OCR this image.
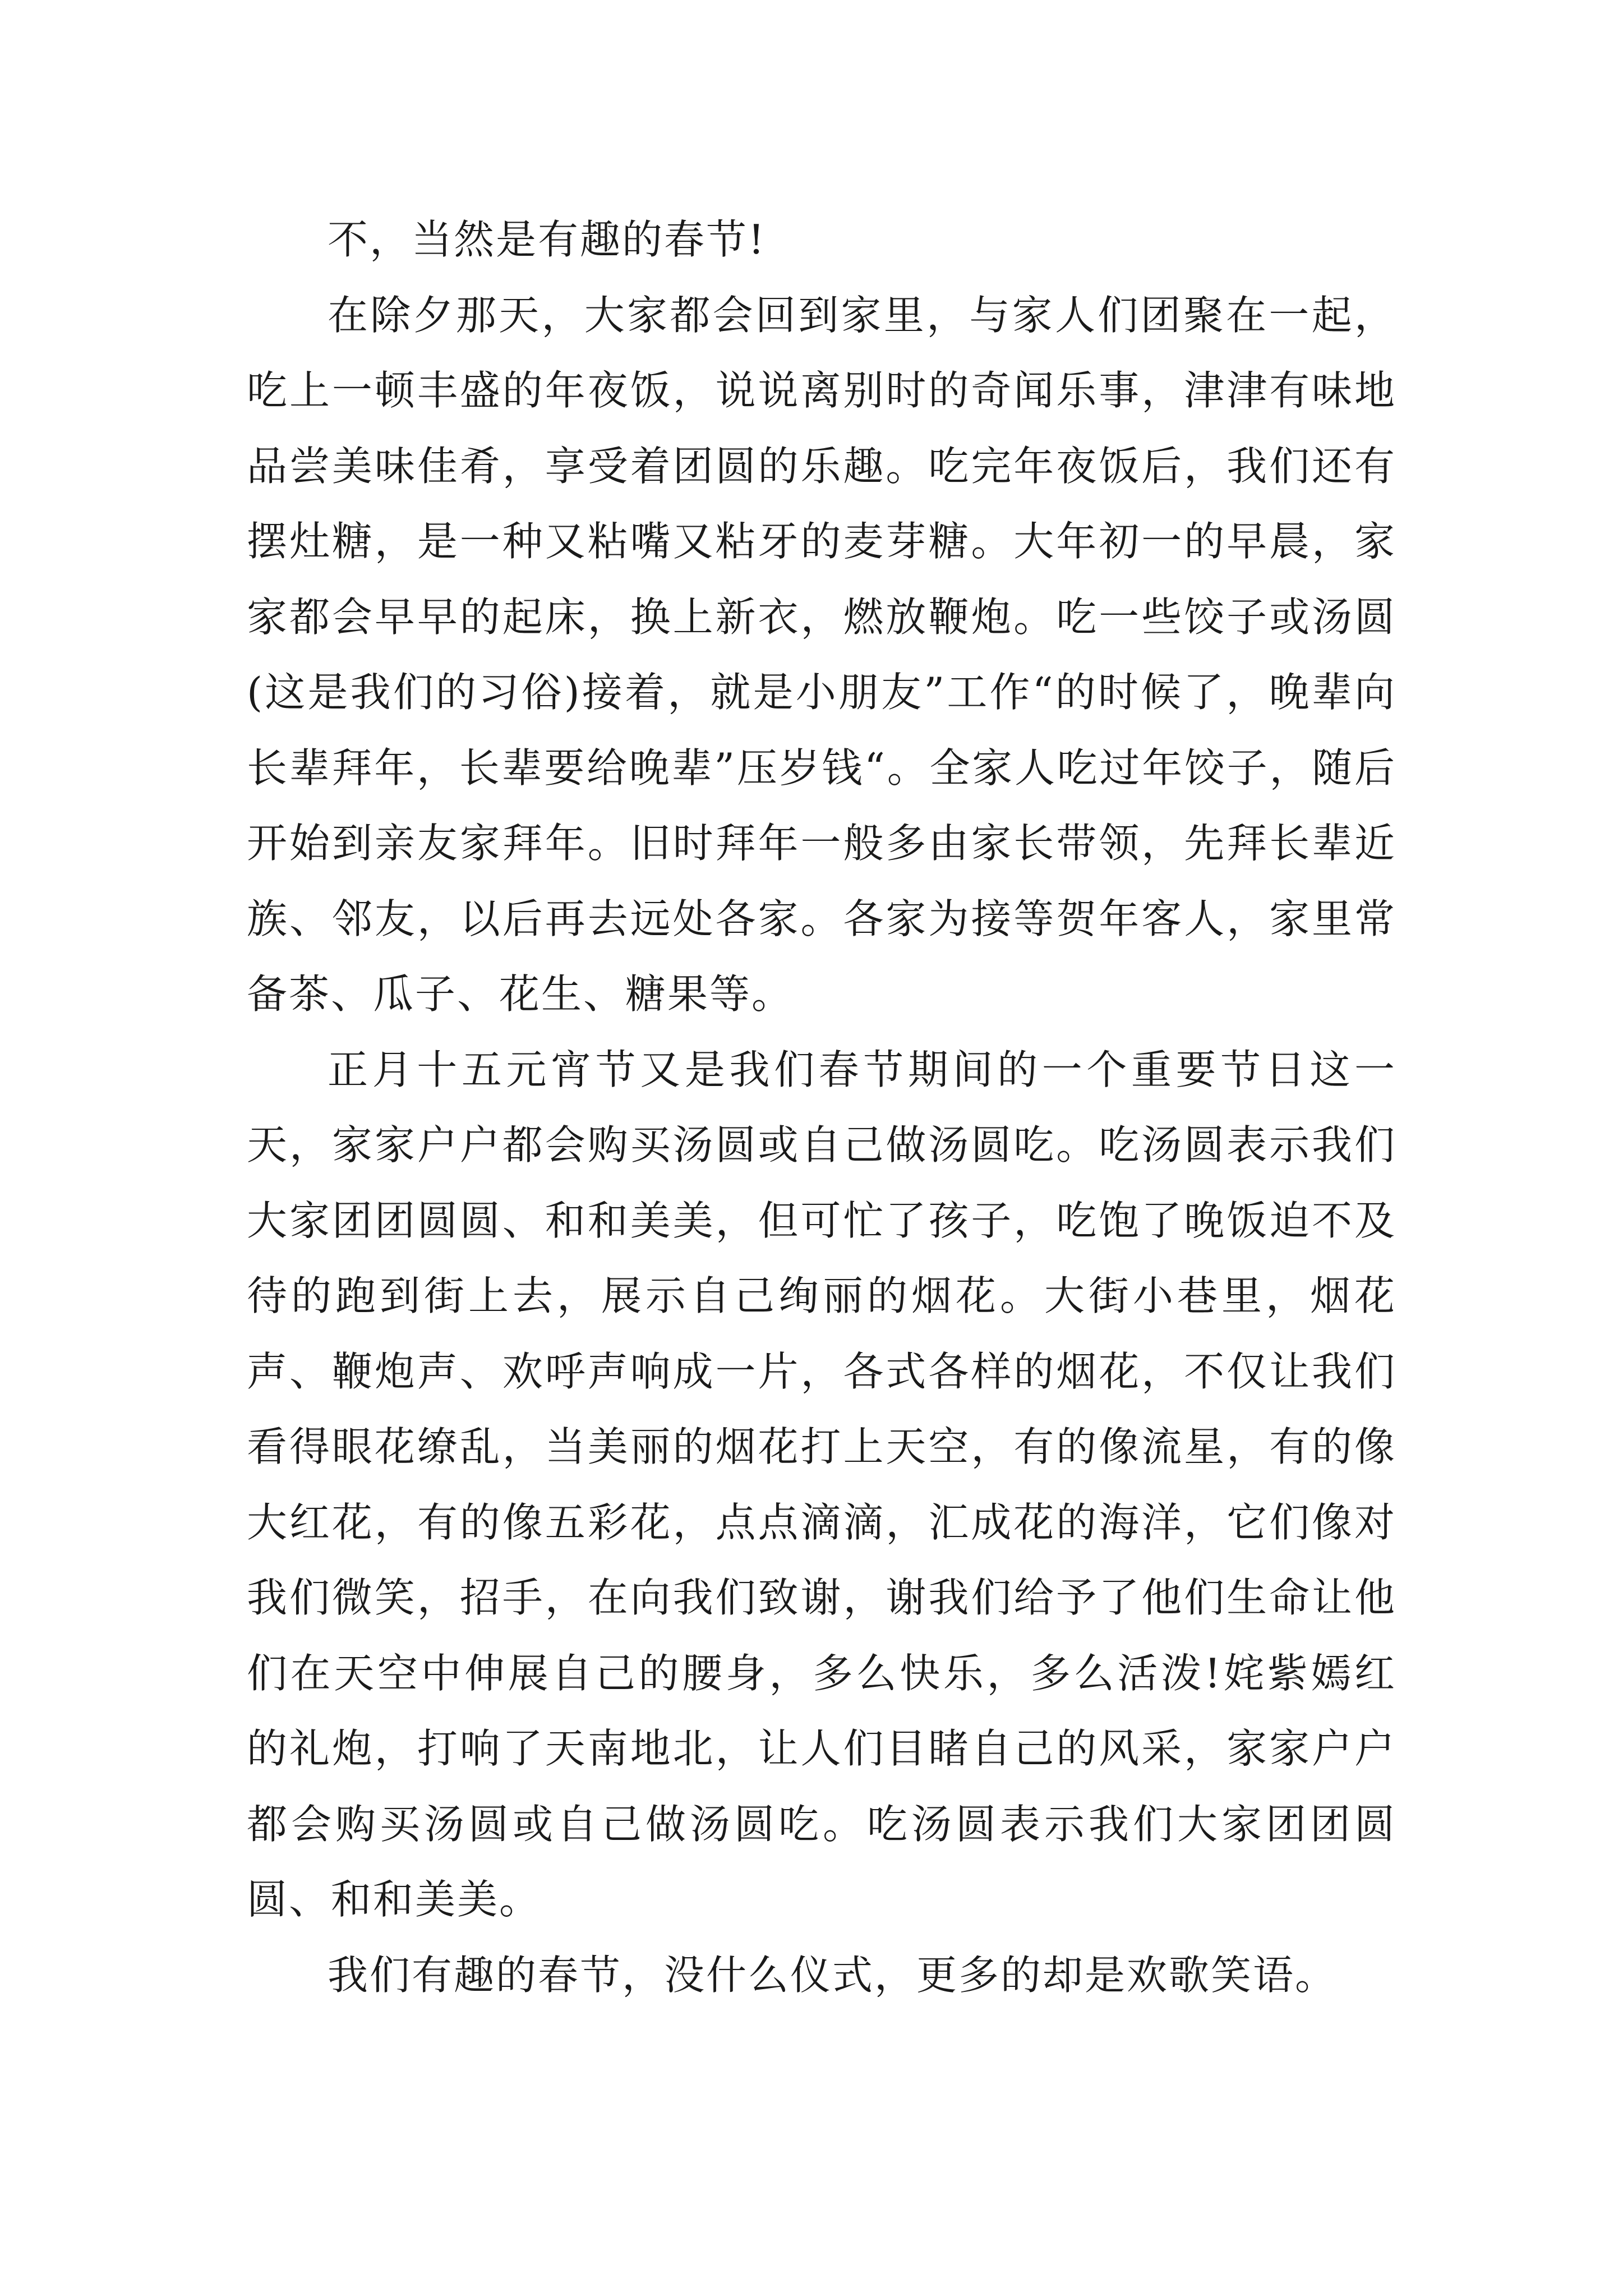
不，当然是有趣的春节!

在除夕那天，大家都会回到家里，与家人们团聚在一起，吃上一顿丰盛的年夜饭，说说离别时的奇闻乐事，津津有味地品尝美味佳肴，享受着团圆的乐趣。吃完年夜饭后，我们还有摆灶糖，是一种又粘嘴又粘牙的麦芽糖。大年初一的早晨，家家都会早早的起床，换上新衣，燃放鞭炮。吃一些饺子或汤圆(这是我们的习俗)接着，就是小朋友”工作“的时候了，晚辈向长辈拜年，长辈要给晚辈”压岁钱“。全家人吃过年饺子，随后开始到亲友家拜年。旧时拜年一般多由家长带领，先拜长辈近族、邻友，以后再去远处各家。各家为接等贺年客人，家里常备茶、瓜子、花生、糖果等。

正月十五元宵节又是我们春节期间的一个重要节日这一天，家家户户都会购买汤圆或自己做汤圆吃。吃汤圆表示我们大家团团圆圆、和和美美，但可忙了孩子，吃饱了晚饭迫不及待的跑到街上去，展示自己绚丽的烟花。大街小巷里，烟花声、鞭炮声、欢呼声响成一片，各式各样的烟花，不仅让我们看得眼花缭乱，当美丽的烟花打上天空，有的像流星，有的像大红花，有的像五彩花，点点滴滴，汇成花的海洋，它们像对我们微笑，招手，在向我们致谢，谢我们给予了他们生命让他们在天空中伸展自己的腰身，多么快乐，多么活泼!姹紫嫣红的礼炮，打响了天南地北，让人们目睹自己的风采，家家户户都会购买汤圆或自己做汤圆吃。吃汤圆表示我们大家团团圆圆、和和美美。

我们有趣的春节，没什么仪式，更多的却是欢歌笑语。
